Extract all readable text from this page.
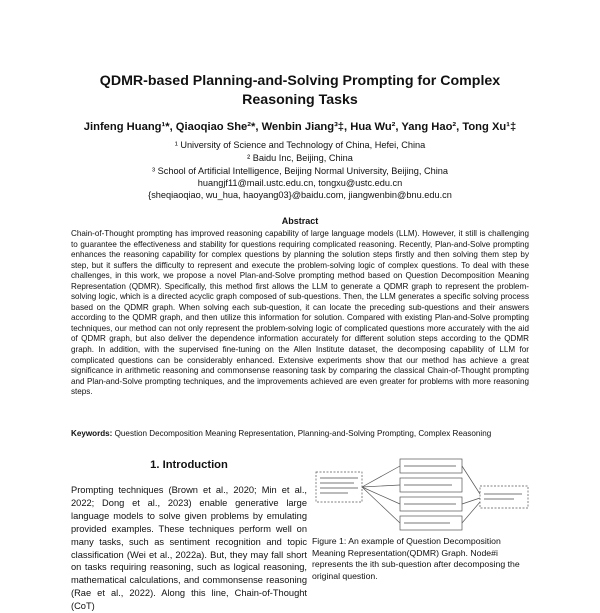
QDMR-based Planning-and-Solving Prompting for Complex
Reasoning Tasks
Jinfeng Huang¹*, Qiaoqiao She²*, Wenbin Jiang³‡, Hua Wu², Yang Hao², Tong Xu¹‡
¹ University of Science and Technology of China, Hefei, China
² Baidu Inc, Beijing, China
³ School of Artificial Intelligence, Beijing Normal University, Beijing, China
huangjf11@mail.ustc.edu.cn, tongxu@ustc.edu.cn
{sheqiaoqiao, wu_hua, haoyang03}@baidu.com, jiangwenbin@bnu.edu.cn
Abstract
Chain-of-Thought prompting has improved reasoning capability of large language models (LLM). However, it still is challenging to guarantee the effectiveness and stability for questions requiring complicated reasoning. Recently, Plan-and-Solve prompting enhances the reasoning capability for complex questions by planning the solution steps firstly and then solving them step by step, but it suffers the difficulty to represent and execute the problem-solving logic of complex questions. To deal with these challenges, in this work, we propose a novel Plan-and-Solve prompting method based on Question Decomposition Meaning Representation (QDMR). Specifically, this method first allows the LLM to generate a QDMR graph to represent the problem-solving logic, which is a directed acyclic graph composed of sub-questions. Then, the LLM generates a specific solving process based on the QDMR graph. When solving each sub-question, it can locate the preceding sub-questions and their answers according to the QDMR graph, and then utilize this information for solution. Compared with existing Plan-and-Solve prompting techniques, our method can not only represent the problem-solving logic of complicated questions more accurately with the aid of QDMR graph, but also deliver the dependence information accurately for different solution steps according to the QDMR graph. In addition, with the supervised fine-tuning on the Allen Institute dataset, the decomposing capability of LLM for complicated questions can be considerably enhanced. Extensive experiments show that our method has achieve a great significance in arithmetic reasoning and commonsense reasoning task by comparing the classical Chain-of-Thought prompting and Plan-and-Solve prompting techniques, and the improvements achieved are even greater for problems with more reasoning steps.
Keywords: Question Decomposition Meaning Representation, Planning-and-Solving Prompting, Complex Reasoning
1. Introduction
Prompting techniques (Brown et al., 2020; Min et al., 2022; Dong et al., 2023) enable generative large language models to solve given problems by emulating provided examples. These techniques perform well on many tasks, such as sentiment recognition and topic classification (Wei et al., 2022a). But, they may fall short on tasks requiring reasoning, such as logical reasoning, mathematical calculations, and commonsense reasoning (Rae et al., 2022). Along this line, Chain-of-Thought (CoT)
Figure 1: An example of Question Decomposition Meaning Representation(QDMR) Graph. Node#i represents the ith sub-question after decomposing the original question.
